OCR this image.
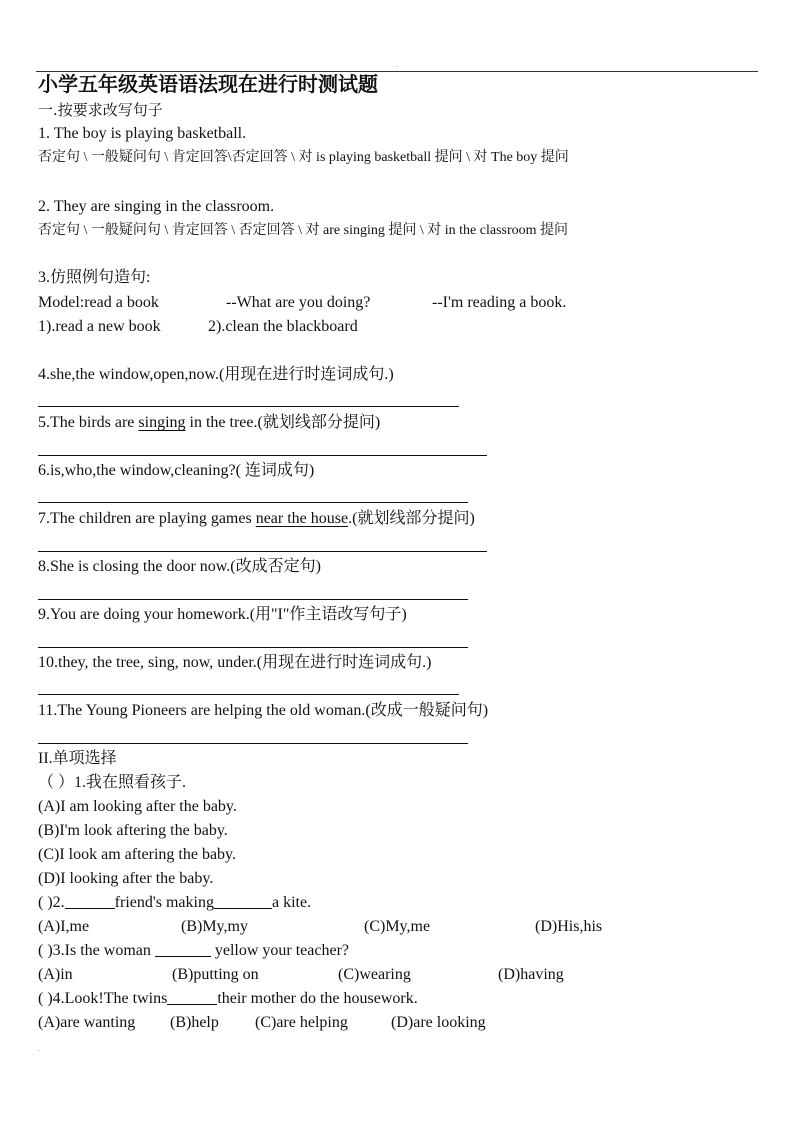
.
小学五年级英语语法现在进行时测试题
一.按要求改写句子
1. The boy is playing basketball.
否定句 \ 一般疑问句 \ 肯定回答\否定回答 \ 对 is playing basketball 提问 \ 对 The boy 提问
2. They are singing in the classroom.
否定句 \ 一般疑问句 \ 肯定回答 \ 否定回答 \ 对 are singing 提问 \ 对 in the classroom 提问
3.仿照例句造句:
Model:read a book	--What are you doing?	--I'm reading a book.
1).read a new book	2).clean the blackboard
4.she,the window,open,now.(用现在进行时连词成句.)
5.The birds are singing in the tree.(就划线部分提问)
6.is,who,the window,cleaning?( 连词成句)
7.The children are playing games near the house.(就划线部分提问)
8.She is closing the door now.(改成否定句)
9.You are doing your homework.(用"I"作主语改写句子)
10.they, the tree, sing, now, under.(用现在进行时连词成句.)
11.The Young Pioneers are helping the old woman.(改成一般疑问句)
II.单项选择
（ ）1.我在照看孩子.
(A)I am looking after the baby.
(B)I'm look aftering the baby.
(C)I look am aftering the baby.
(D)I looking after the baby.
( )2.	friend's making	a kite.
(A)I,me	(B)My,my	(C)My,me	(D)His,his
( )3.Is the woman	yellow your teacher?
(A)in	(B)putting on	(C)wearing	(D)having
( )4.Look!The twins	their mother do the housework.
(A)are wanting (B)help (C)are helping	(D)are looking
.
